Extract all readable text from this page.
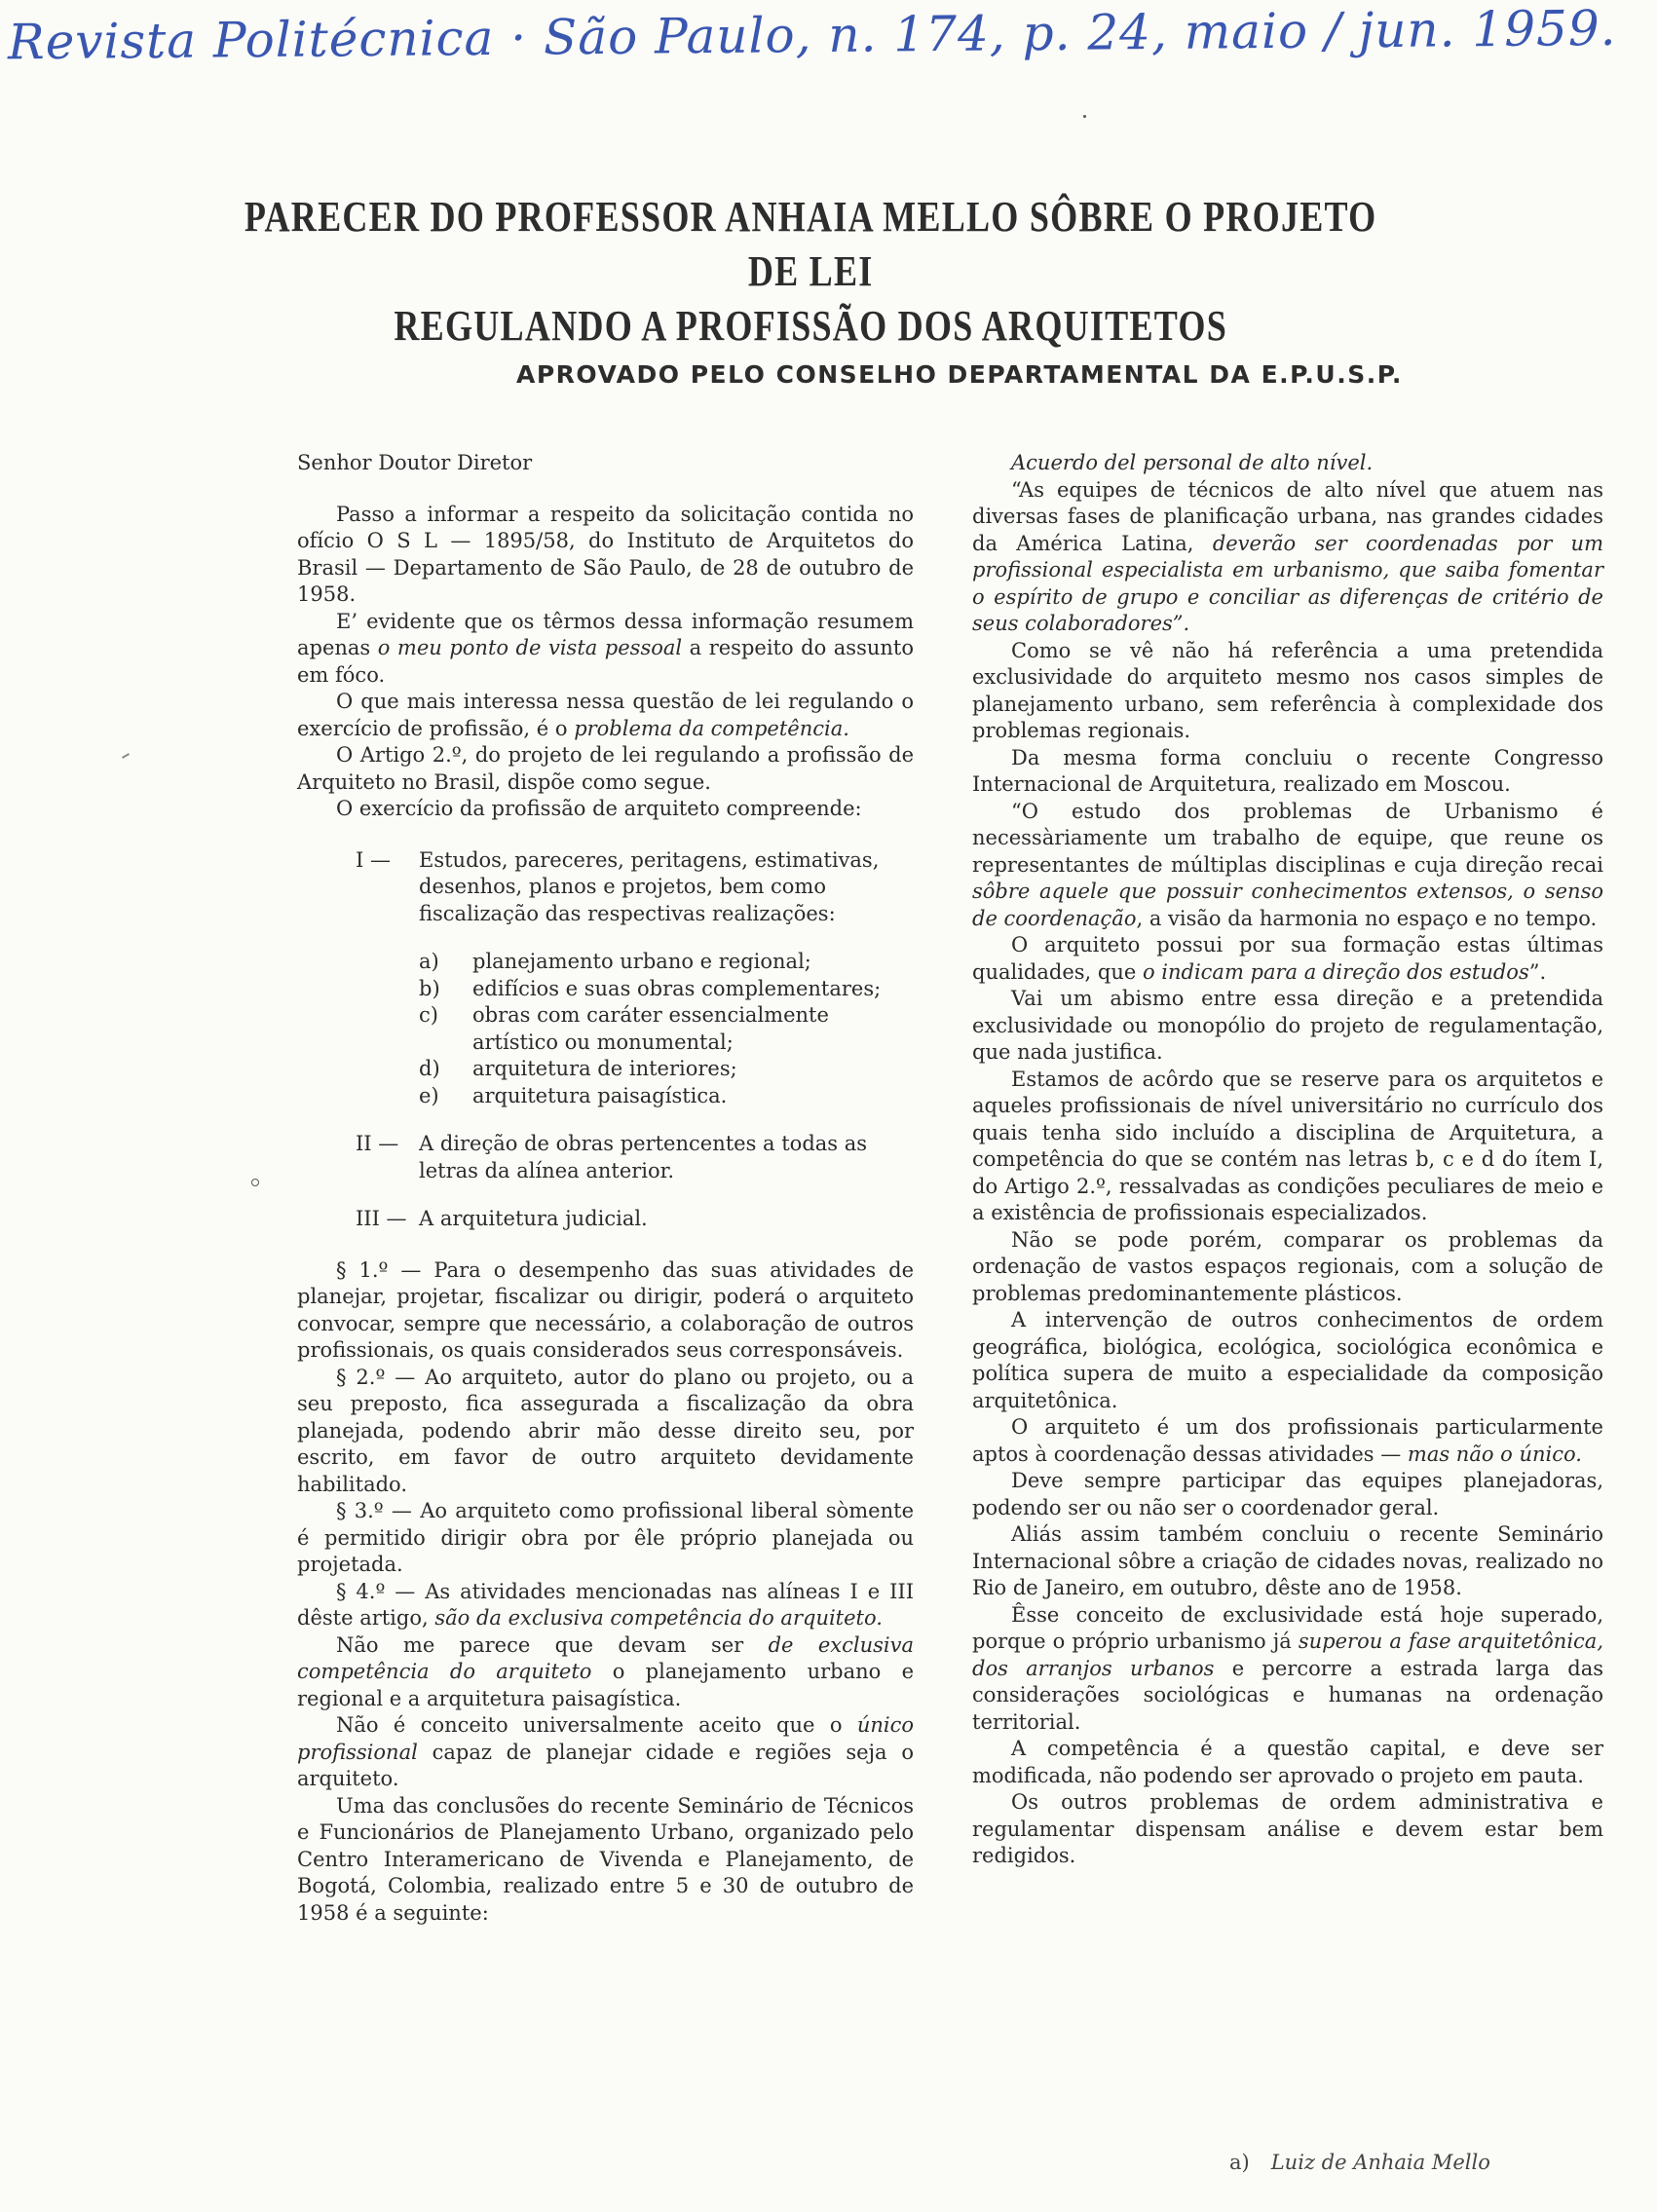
Revista Politécnica · São Paulo, n. 174, p. 24, maio / jun. 1959.
PARECER DO PROFESSOR ANHAIA MELLO SÔBRE O PROJETO DE LEI

REGULANDO A PROFISSÃO DOS ARQUITETOS
APROVADO PELO CONSELHO DEPARTAMENTAL DA E.P.U.S.P.

Senhor Doutor Diretor

Passo a informar a respeito da solicitação contida no ofício O S L — 1895/58, do Instituto de Arquitetos do Brasil — Departamento de São Paulo, de 28 de outubro de 1958.

E’ evidente que os têrmos dessa informação resumem apenas o meu ponto de vista pessoal a respeito do assunto em fóco.

O que mais interessa nessa questão de lei regulando o exercício de profissão, é o problema da competência.

O Artigo 2.º, do projeto de lei regulando a profissão de Arquiteto no Brasil, dispõe como segue.

O exercício da profissão de arquiteto compreende:

I — Estudos, pareceres, peritagens, estimativas, desenhos, planos e projetos, bem como fiscalização das respectivas realizações:
a) planejamento urbano e regional;
b) edifícios e suas obras complementares;
c) obras com caráter essencialmente artístico ou monumental;
d) arquitetura de interiores;
e) arquitetura paisagística.
II — A direção de obras pertencentes a todas as letras da alínea anterior.
III — A arquitetura judicial.

§ 1.º — Para o desempenho das suas atividades de planejar, projetar, fiscalizar ou dirigir, poderá o arquiteto convocar, sempre que necessário, a colaboração de outros profissionais, os quais considerados seus corresponsáveis.

§ 2.º — Ao arquiteto, autor do plano ou projeto, ou a seu preposto, fica assegurada a fiscalização da obra planejada, podendo abrir mão desse direito seu, por escrito, em favor de outro arquiteto devidamente habilitado.

§ 3.º — Ao arquiteto como profissional liberal sòmente é permitido dirigir obra por êle próprio planejada ou projetada.

§ 4.º — As atividades mencionadas nas alíneas I e III dêste artigo, são da exclusiva competência do arquiteto.

Não me parece que devam ser de exclusiva competência do arquiteto o planejamento urbano e regional e a arquitetura paisagística.

Não é conceito universalmente aceito que o único profissional capaz de planejar cidade e regiões seja o arquiteto.

Uma das conclusões do recente Seminário de Técnicos e Funcionários de Planejamento Urbano, organizado pelo Centro Interamericano de Vivenda e Planejamento, de Bogotá, Colombia, realizado entre 5 e 30 de outubro de 1958 é a seguinte:

Acuerdo del personal de alto nível.

“As equipes de técnicos de alto nível que atuem nas diversas fases de planificação urbana, nas grandes cidades da América Latina, deverão ser coordenadas por um profissional especialista em urbanismo, que saiba fomentar o espírito de grupo e conciliar as diferenças de critério de seus colaboradores”.

Como se vê não há referência a uma pretendida exclusividade do arquiteto mesmo nos casos simples de planejamento urbano, sem referência à complexidade dos problemas regionais.

Da mesma forma concluiu o recente Congresso Internacional de Arquitetura, realizado em Moscou.

“O estudo dos problemas de Urbanismo é necessàriamente um trabalho de equipe, que reune os representantes de múltiplas disciplinas e cuja direção recai sôbre aquele que possuir conhecimentos extensos, o senso de coordenação, a visão da harmonia no espaço e no tempo.

O arquiteto possui por sua formação estas últimas qualidades, que o indicam para a direção dos estudos”.

Vai um abismo entre essa direção e a pretendida exclusividade ou monopólio do projeto de regulamentação, que nada justifica.

Estamos de acôrdo que se reserve para os arquitetos e aqueles profissionais de nível universitário no currículo dos quais tenha sido incluído a disciplina de Arquitetura, a competência do que se contém nas letras b, c e d do ítem I, do Artigo 2.º, ressalvadas as condições peculiares de meio e a existência de profissionais especializados.

Não se pode porém, comparar os problemas da ordenação de vastos espaços regionais, com a solução de problemas predominantemente plásticos.

A intervenção de outros conhecimentos de ordem geográfica, biológica, ecológica, sociológica econômica e política supera de muito a especialidade da composição arquitetônica.

O arquiteto é um dos profissionais particularmente aptos à coordenação dessas atividades — mas não o único.

Deve sempre participar das equipes planejadoras, podendo ser ou não ser o coordenador geral.

Aliás assim também concluiu o recente Seminário Internacional sôbre a criação de cidades novas, realizado no Rio de Janeiro, em outubro, dêste ano de 1958.

Êsse conceito de exclusividade está hoje superado, porque o próprio urbanismo já superou a fase arquitetônica, dos arranjos urbanos e percorre a estrada larga das considerações sociológicas e humanas na ordenação territorial.

A competência é a questão capital, e deve ser modificada, não podendo ser aprovado o projeto em pauta.

Os outros problemas de ordem administrativa e regulamentar dispensam análise e devem estar bem redigidos.

a) Luiz de Anhaia Mello
